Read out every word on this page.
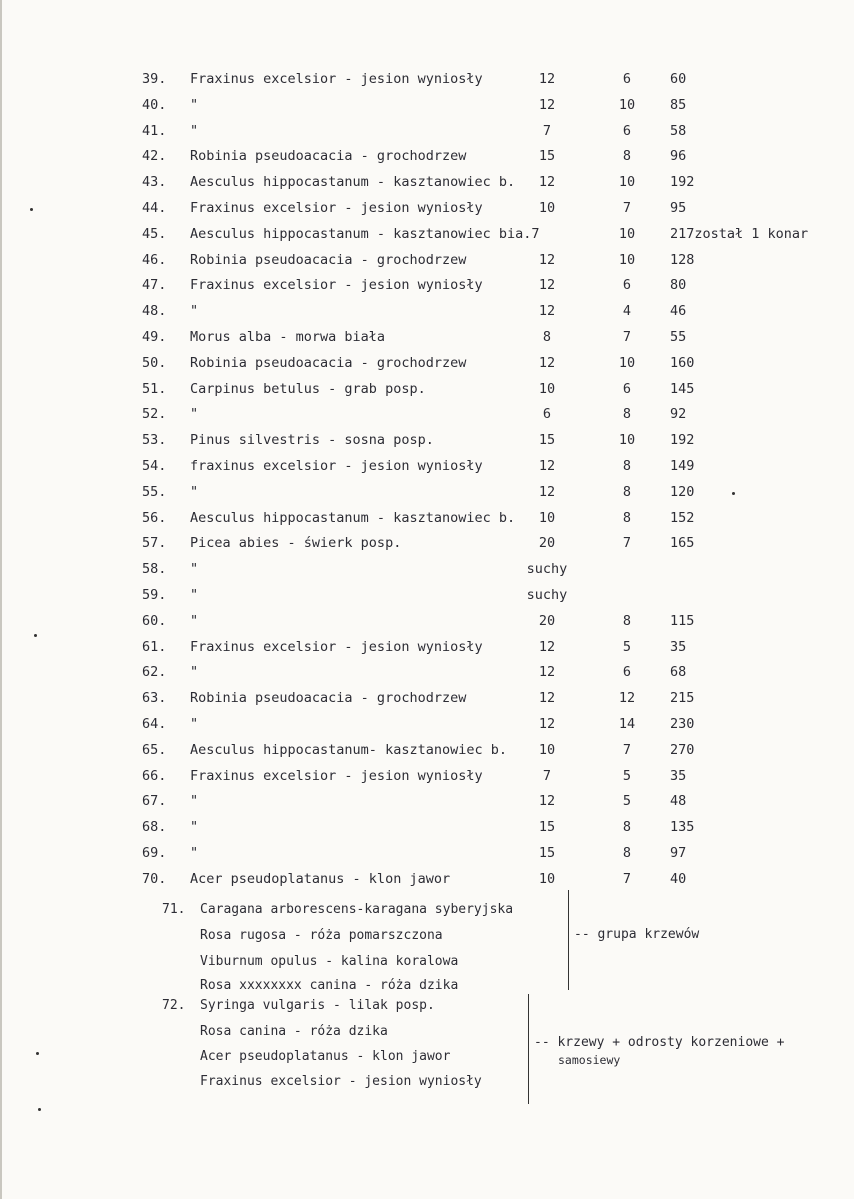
39.	Fraxinus excelsior - jesion wyniosły	12	6	60
40.	"	12	10	85
41.	"	7	6	58
42.	Robinia pseudoacacia - grochodrzew	15	8	96
43.	Aesculus hippocastanum - kasztanowiec b.	12	10	192
44.	Fraxinus excelsior - jesion wyniosły	10	7	95
45.	Aesculus hippocastanum - kasztanowiec bia.7	10	217został 1 konar
46.	Robinia pseudoacacia - grochodrzew	12	10	128
47.	Fraxinus excelsior - jesion wyniosły	12	6	80
48.	"	12	4	46
49.	Morus alba - morwa biała	8	7	55
50.	Robinia pseudoacacia - grochodrzew	12	10	160
51.	Carpinus betulus - grab posp.	10	6	145
52.	"	6	8	92
53.	Pinus silvestris - sosna posp.	15	10	192
54.	fraxinus excelsior - jesion wyniosły	12	8	149
55.	"	12	8	120
56.	Aesculus hippocastanum - kasztanowiec b.	10	8	152
57.	Picea abies - świerk posp.	20	7	165
58.	"	suchy
59.	"	suchy
60.	"	20	8	115
61.	Fraxinus excelsior - jesion wyniosły	12	5	35
62.	"	12	6	68
63.	Robinia pseudoacacia - grochodrzew	12	12	215
64.	"	12	14	230
65.	Aesculus hippocastanum- kasztanowiec b.	10	7	270
66.	Fraxinus excelsior - jesion wyniosły	7	5	35
67.	"	12	5	48
68.	"	15	8	135
69.	"	15	8	97
70.	Acer pseudoplatanus - klon jawor	10	7	40
71. Caragana arborescens-karagana syberyjska
Rosa rugosa - róża pomarszczona
Viburnum opulus - kalina koralowa
Rosa xxxxxxxx canina - róża dzika
-- grupa krzewów
72. Syringa vulgaris - lilak posp.
Rosa canina - róża dzika
Acer pseudoplatanus - klon jawor
Fraxinus excelsior - jesion wyniosły
-- krzewy + odrosty korzeniowe +
samosiewy
